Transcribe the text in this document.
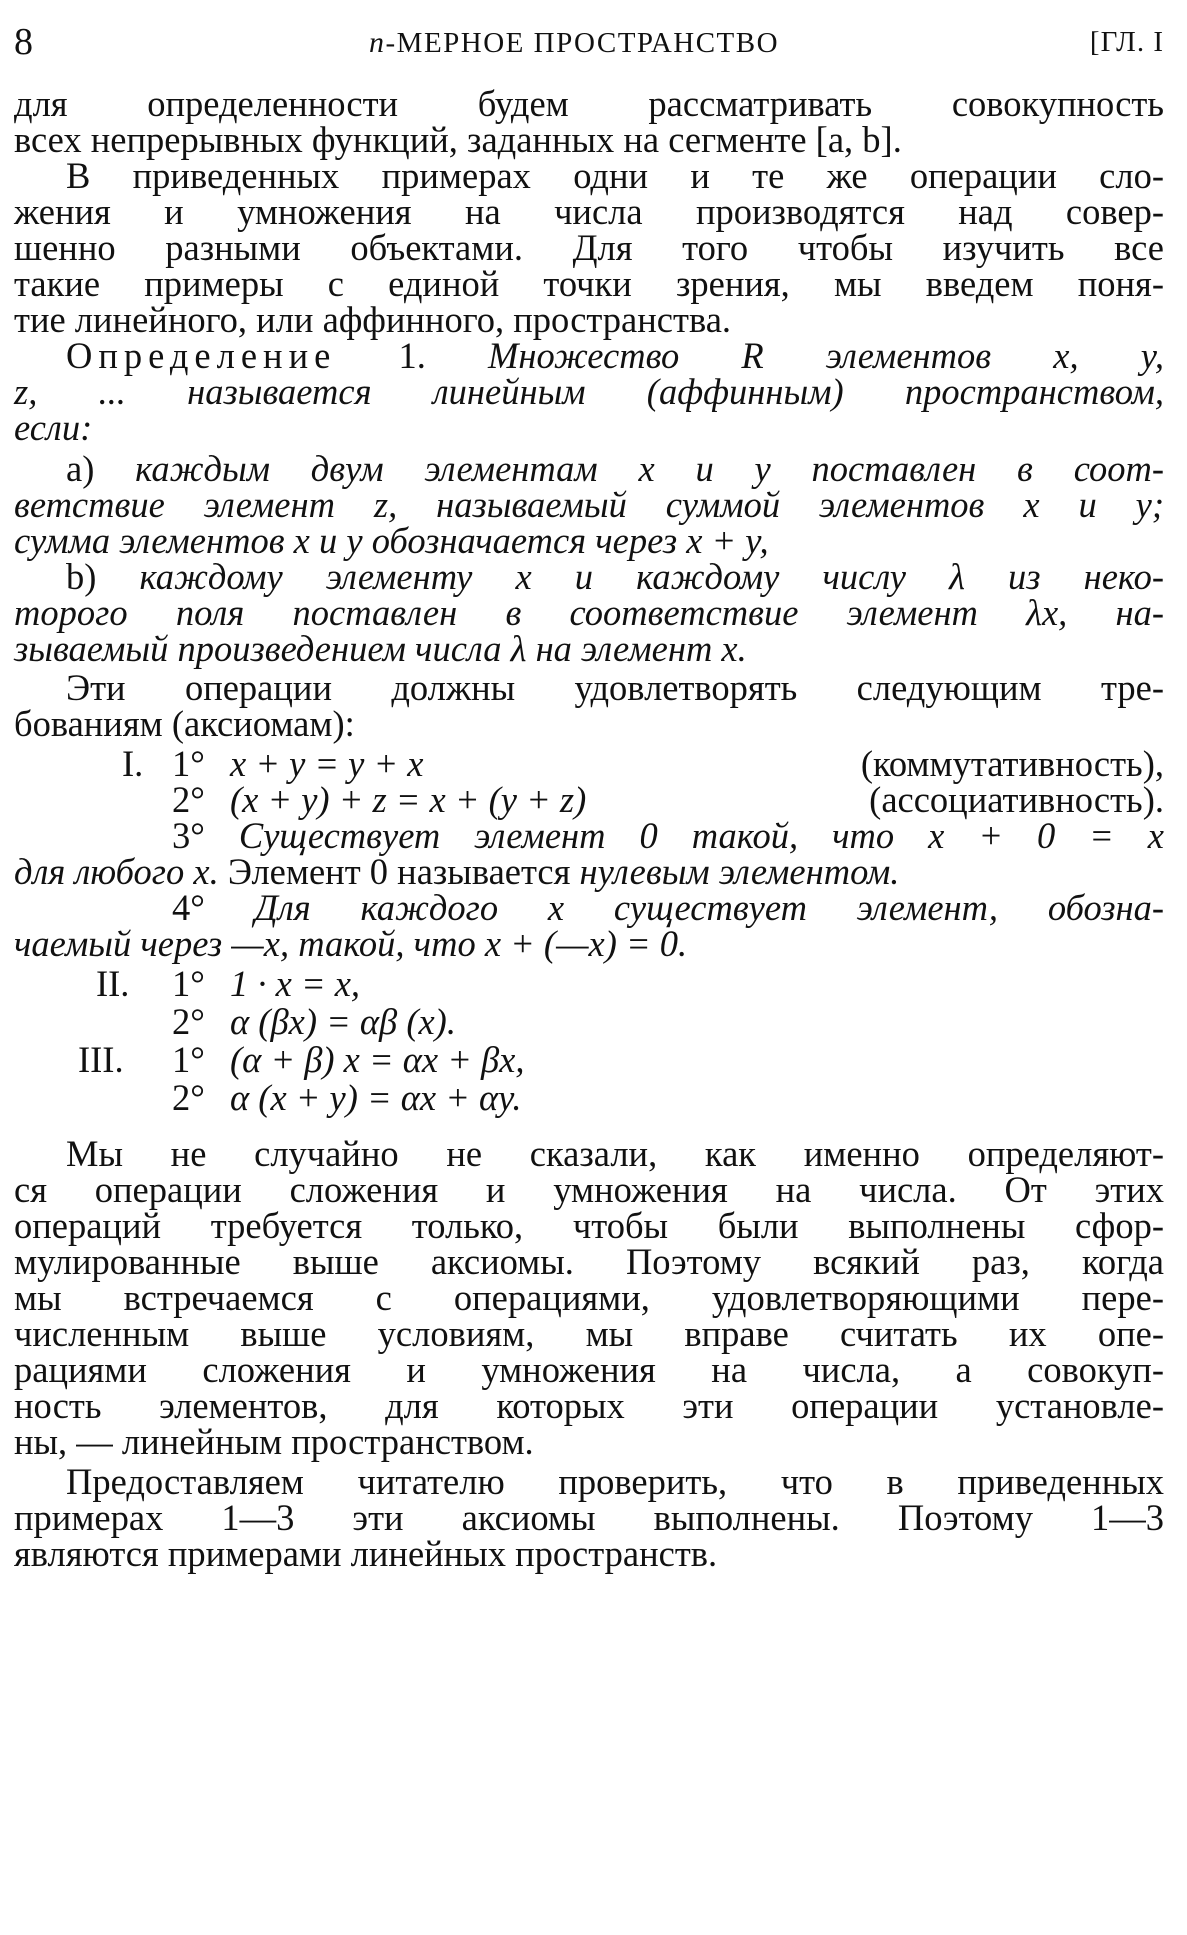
8	n-МЕРНОЕ ПРОСТРАНСТВО	[ГЛ. I
для определенности будем рассматривать совокупность
всех непрерывных функций, заданных на сегменте [a, b].
В приведенных примерах одни и те же операции сло-
жения и умножения на числа производятся над совер-
шенно разными объектами. Для того чтобы изучить все
такие примеры с единой точки зрения, мы введем поня-
тие линейного, или аффинного, пространства.
Определение 1. Множество R элементов x, y,
z, ... называется линейным (аффинным) пространством,
если:
а) каждым двум элементам x и y поставлен в соот-
ветствие элемент z, называемый суммой элементов x и y;
сумма элементов x и y обозначается через x + y,
b) каждому элементу x и каждому числу λ из неко-
торого поля поставлен в соответствие элемент λx, на-
зываемый произведением числа λ на элемент x.
Эти операции должны удовлетворять следующим тре-
бованиям (аксиомам):
I. 1° x + y = y + x	(коммутативность),
2° (x + y) + z = x + (y + z)	(ассоциативность).
3° Существует элемент 0 такой, что x + 0 = x
для любого x. Элемент 0 называется нулевым элементом.
4° Для каждого x существует элемент, обозна-
чаемый через —x, такой, что x + (—x) = 0.
II. 1° 1 · x = x,
2° α (βx) = αβ (x).
III. 1° (α + β) x = αx + βx,
2° α (x + y) = αx + αy.
Мы не случайно не сказали, как именно определяют-
ся операции сложения и умножения на числа. От этих
операций требуется только, чтобы были выполнены сфор-
мулированные выше аксиомы. Поэтому всякий раз, когда
мы встречаемся с операциями, удовлетворяющими пере-
численным выше условиям, мы вправе считать их опе-
рациями сложения и умножения на числа, а совокуп-
ность элементов, для которых эти операции установле-
ны, — линейным пространством.
Предоставляем читателю проверить, что в приведенных
примерах 1—3 эти аксиомы выполнены. Поэтому 1—3
являются примерами линейных пространств.
